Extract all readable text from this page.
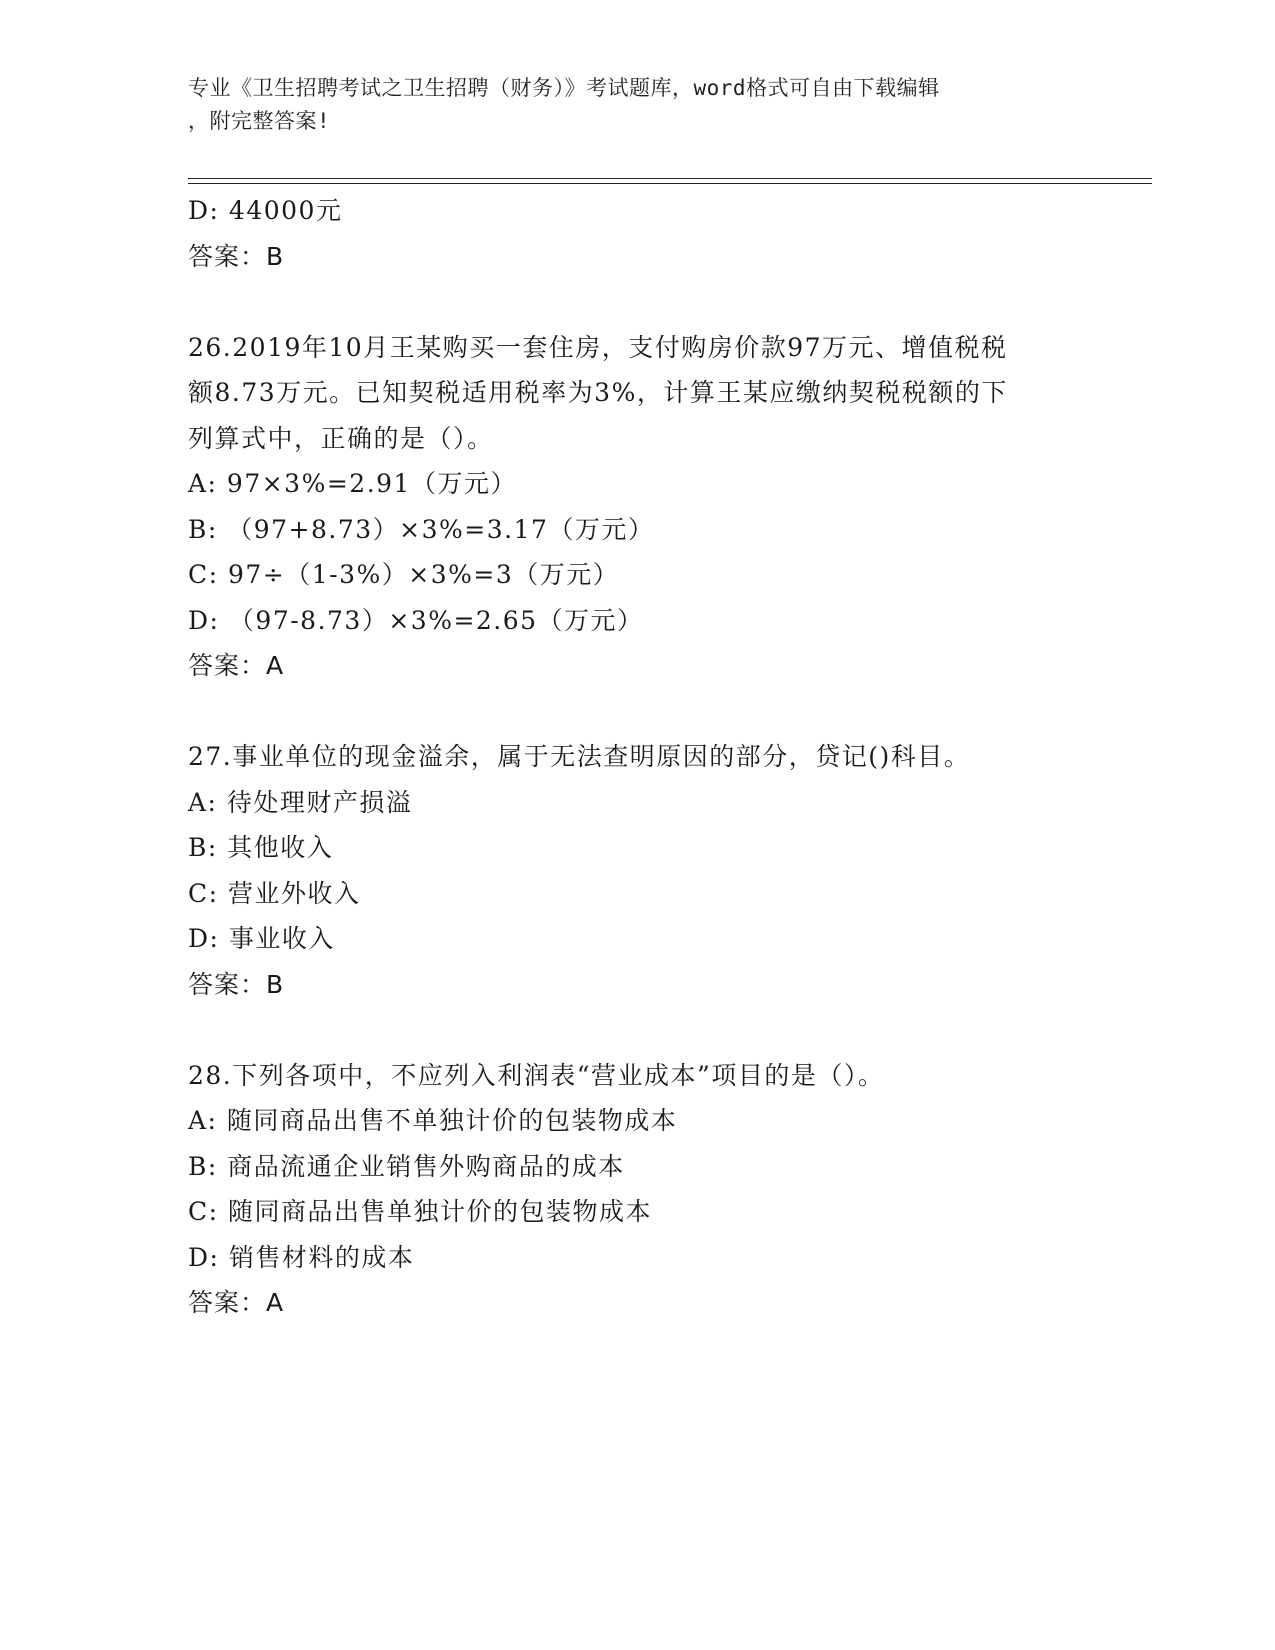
专业《卫生招聘考试之卫生招聘（财务）》考试题库，word格式可自由下载编辑
，附完整答案!
D: 44000元
答案：B
26.2019年10月王某购买一套住房，支付购房价款97万元、增值税税
额8.73万元。已知契税适用税率为3%，计算王某应缴纳契税税额的下
列算式中，正确的是（）。
A: 97×3%=2.91（万元）
B: （97+8.73）×3%=3.17（万元）
C: 97÷（1-3%）×3%=3（万元）
D: （97-8.73）×3%=2.65（万元）
答案：A
27.事业单位的现金溢余，属于无法查明原因的部分，贷记()科目。
A: 待处理财产损溢
B: 其他收入
C: 营业外收入
D: 事业收入
答案：B
28.下列各项中，不应列入利润表“营业成本”项目的是（）。
A: 随同商品出售不单独计价的包装物成本
B: 商品流通企业销售外购商品的成本
C: 随同商品出售单独计价的包装物成本
D: 销售材料的成本
答案：A
